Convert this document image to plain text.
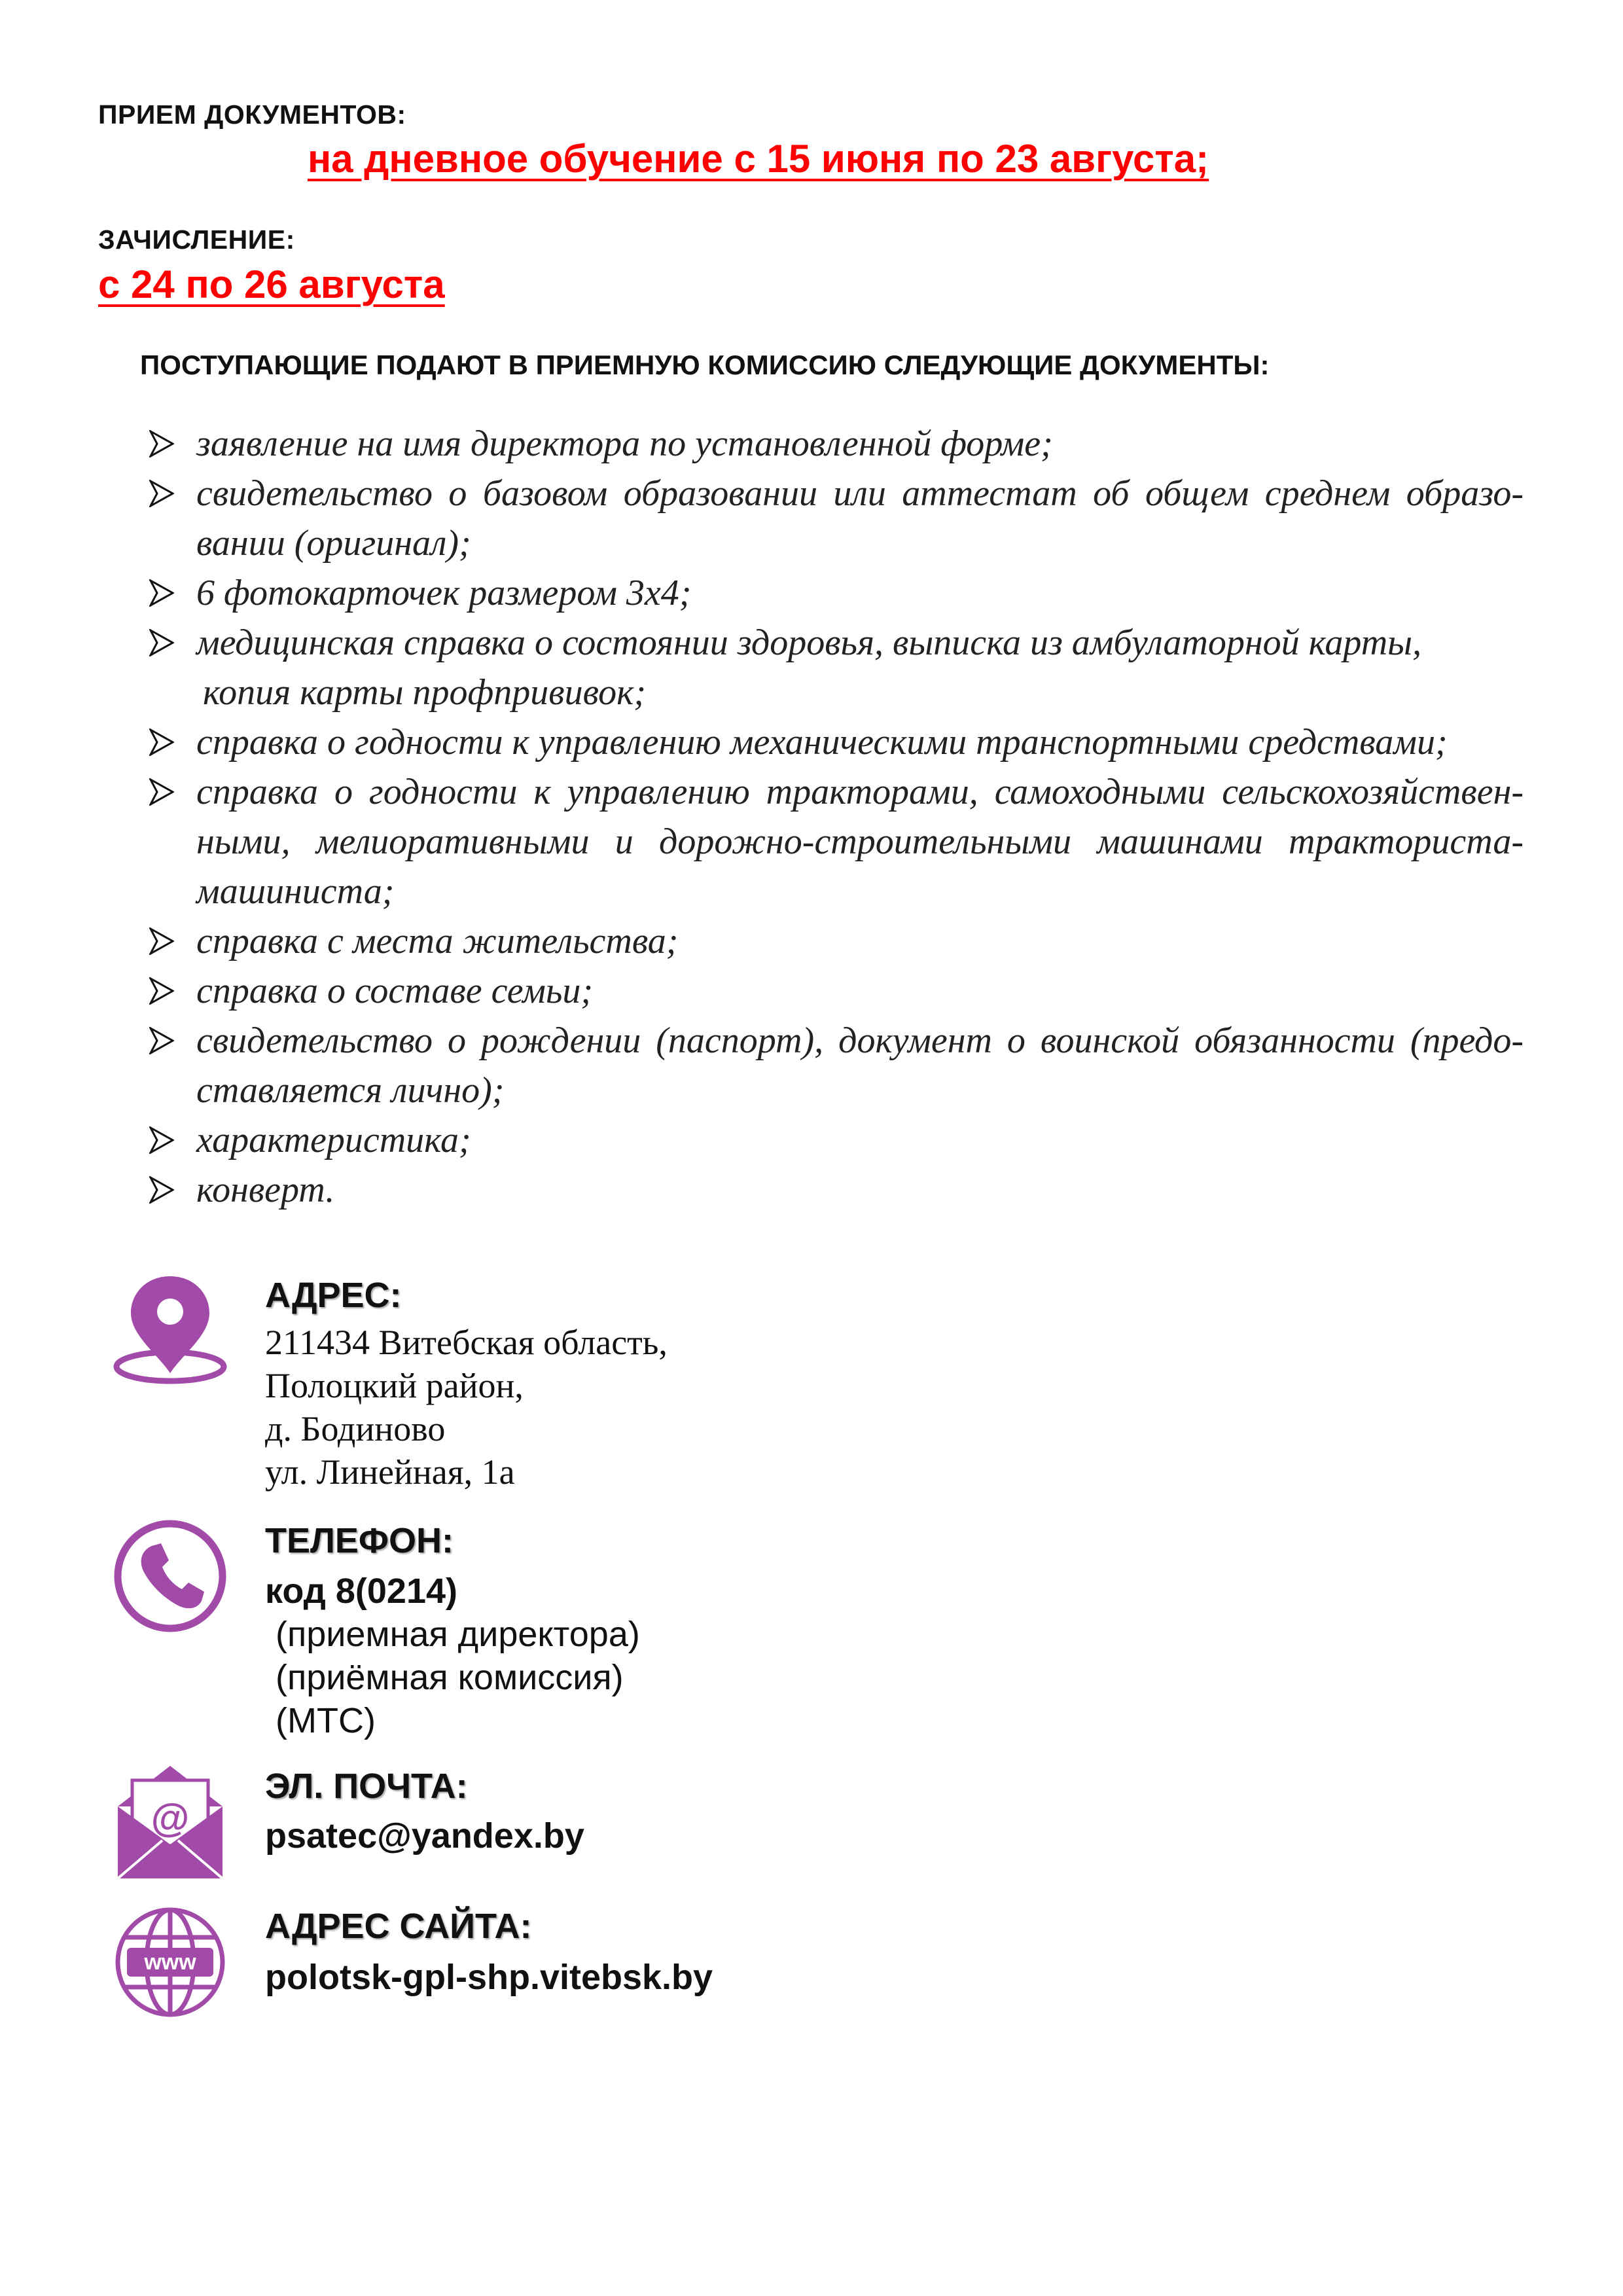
ПРИЕМ ДОКУМЕНТОВ:
на дневное обучение с 15 июня по 23 августа;
ЗАЧИСЛЕНИЕ:
с 24 по 26 августа
ПОСТУПАЮЩИЕ ПОДАЮТ В ПРИЕМНУЮ КОМИССИЮ СЛЕДУЮЩИЕ ДОКУМЕНТЫ:
заявление на имя директора по установленной форме;
свидетельство о базовом образовании или аттестат об общем среднем образо-
вании (оригинал);
6 фотокарточек размером 3х4;
медицинская справка о состоянии здоровья, выписка из амбулаторной карты,
копия карты профпрививок;
справка о годности к управлению механическими транспортными средствами;
справка о годности к управлению тракторами, самоходными сельскохозяйствен-
ными, мелиоративными и дорожно-строительными машинами тракториста-
машиниста;
справка с места жительства;
справка о составе семьи;
свидетельство о рождении (паспорт), документ о воинской обязанности (предо-
ставляется лично);
характеристика;
конверт.
АДРЕС:
211434 Витебская область,
Полоцкий район,
д. Бодиново
ул. Линейная, 1а
ТЕЛЕФОН:
код 8(0214)
(приемная директора)
(приёмная комиссия)
(МТС)
@
ЭЛ. ПОЧТА:
psatec@yandex.by
www
АДРЕС САЙТА:
polotsk-gpl-shp.vitebsk.by
